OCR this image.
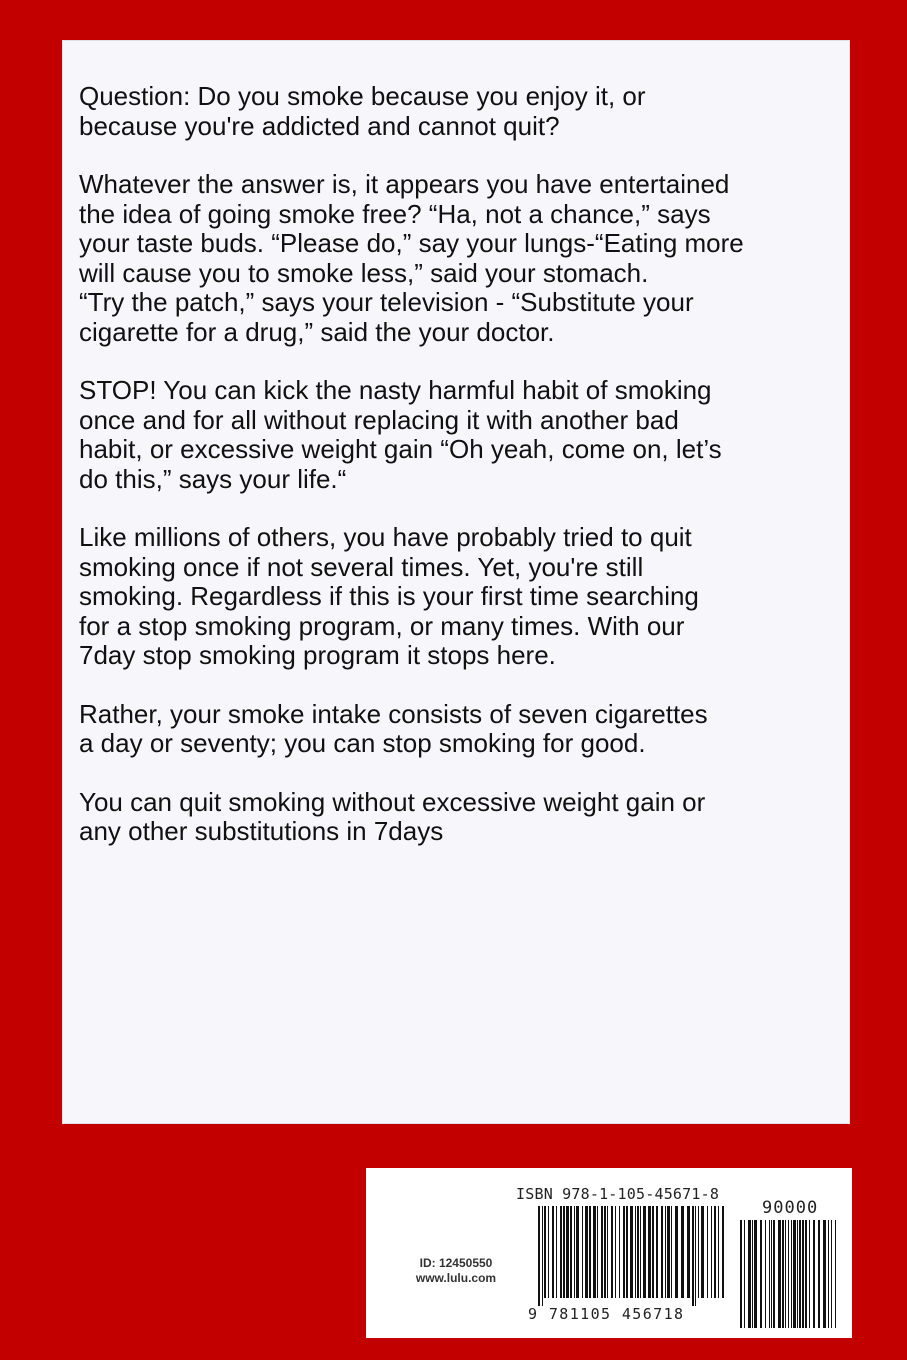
Question: Do you smoke because you enjoy it, or
because you're addicted and cannot quit?

Whatever the answer is, it appears you have entertained
the idea of going smoke free? “Ha, not a chance,” says
your taste buds. “Please do,” say your lungs-“Eating more
will cause you to smoke less,” said your stomach.
“Try the patch,” says your television - “Substitute your
cigarette for a drug,” said the your doctor.

STOP! You can kick the nasty harmful habit of smoking
once and for all without replacing it with another bad
habit, or excessive weight gain “Oh yeah, come on, let’s
do this,” says your life.“

Like millions of others, you have probably tried to quit
smoking once if not several times. Yet, you're still
smoking. Regardless if this is your first time searching
for a stop smoking program, or many times. With our
7day stop smoking program it stops here.

Rather, your smoke intake consists of seven cigarettes
a day or seventy; you can stop smoking for good.

You can quit smoking without excessive weight gain or
any other substitutions in 7days

ID: 12450550
www.lulu.com
ISBN 978-1-105-45671-8
90000
9 781105 456718
